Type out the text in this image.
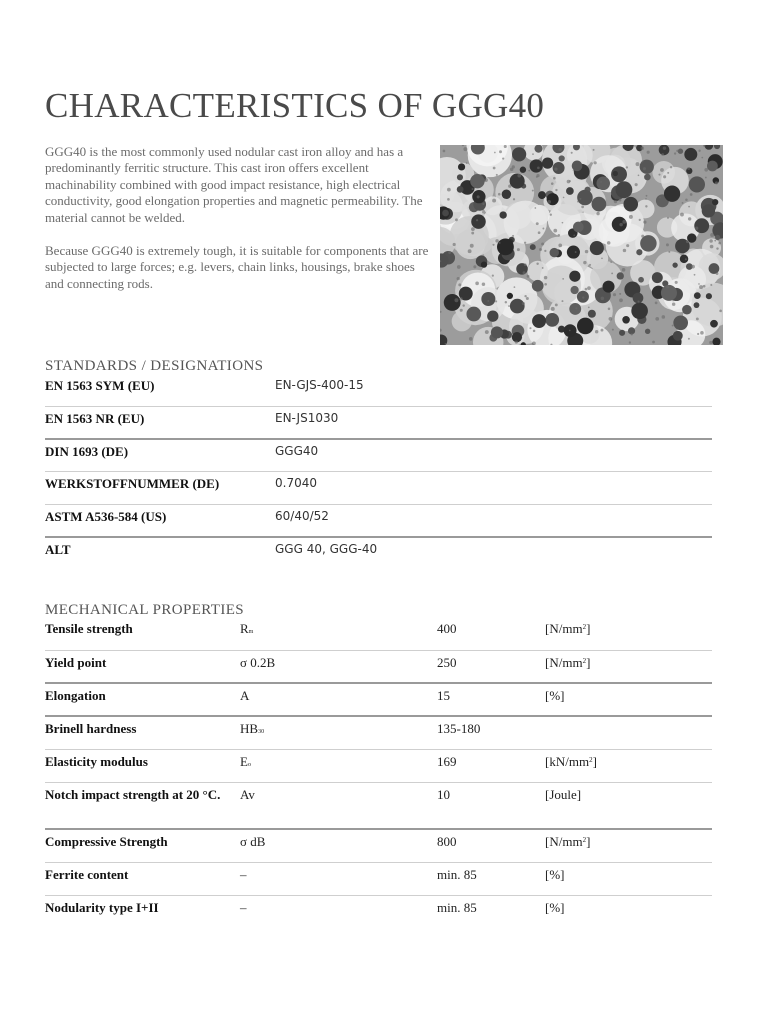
CHARACTERISTICS OF GGG40

GGG40 is the most commonly used nodular cast iron alloy and has a predominantly ferritic structure. This cast iron offers excellent machinability combined with good impact resistance, high electrical conductivity, good elongation properties and magnetic permeability. The material cannot be welded.

Because GGG40 is extremely tough, it is suitable for components that are subjected to large forces; e.g. levers, chain links, housings, brake shoes and connecting rods.

STANDARDS / DESIGNATIONS
EN 1563 SYM (EU)	EN-GJS-400-15
EN 1563 NR (EU)	EN-JS1030
DIN 1693 (DE)	GGG40
WERKSTOFFNUMMER (DE)	0.7040
ASTM A536-584 (US)	60/40/52
ALT	GGG 40, GGG-40
MECHANICAL PROPERTIES
Tensile strength	Rm	400	$[N/mm^2]$
Yield point	σ 0.2B	250	$[N/mm^2]$
Elongation	A	15	[%]
Brinell hardness	HB30	135-180	
Elasticity modulus	Eo	169	$[kN/mm^2]$
Notch impact strength at 20 °C.	Av	10	[Joule]
Compressive Strength	σ dB	800	$[N/mm^2]$
Ferrite content	–	min. 85	[%]
Nodularity type I+II	–	min. 85	[%]
